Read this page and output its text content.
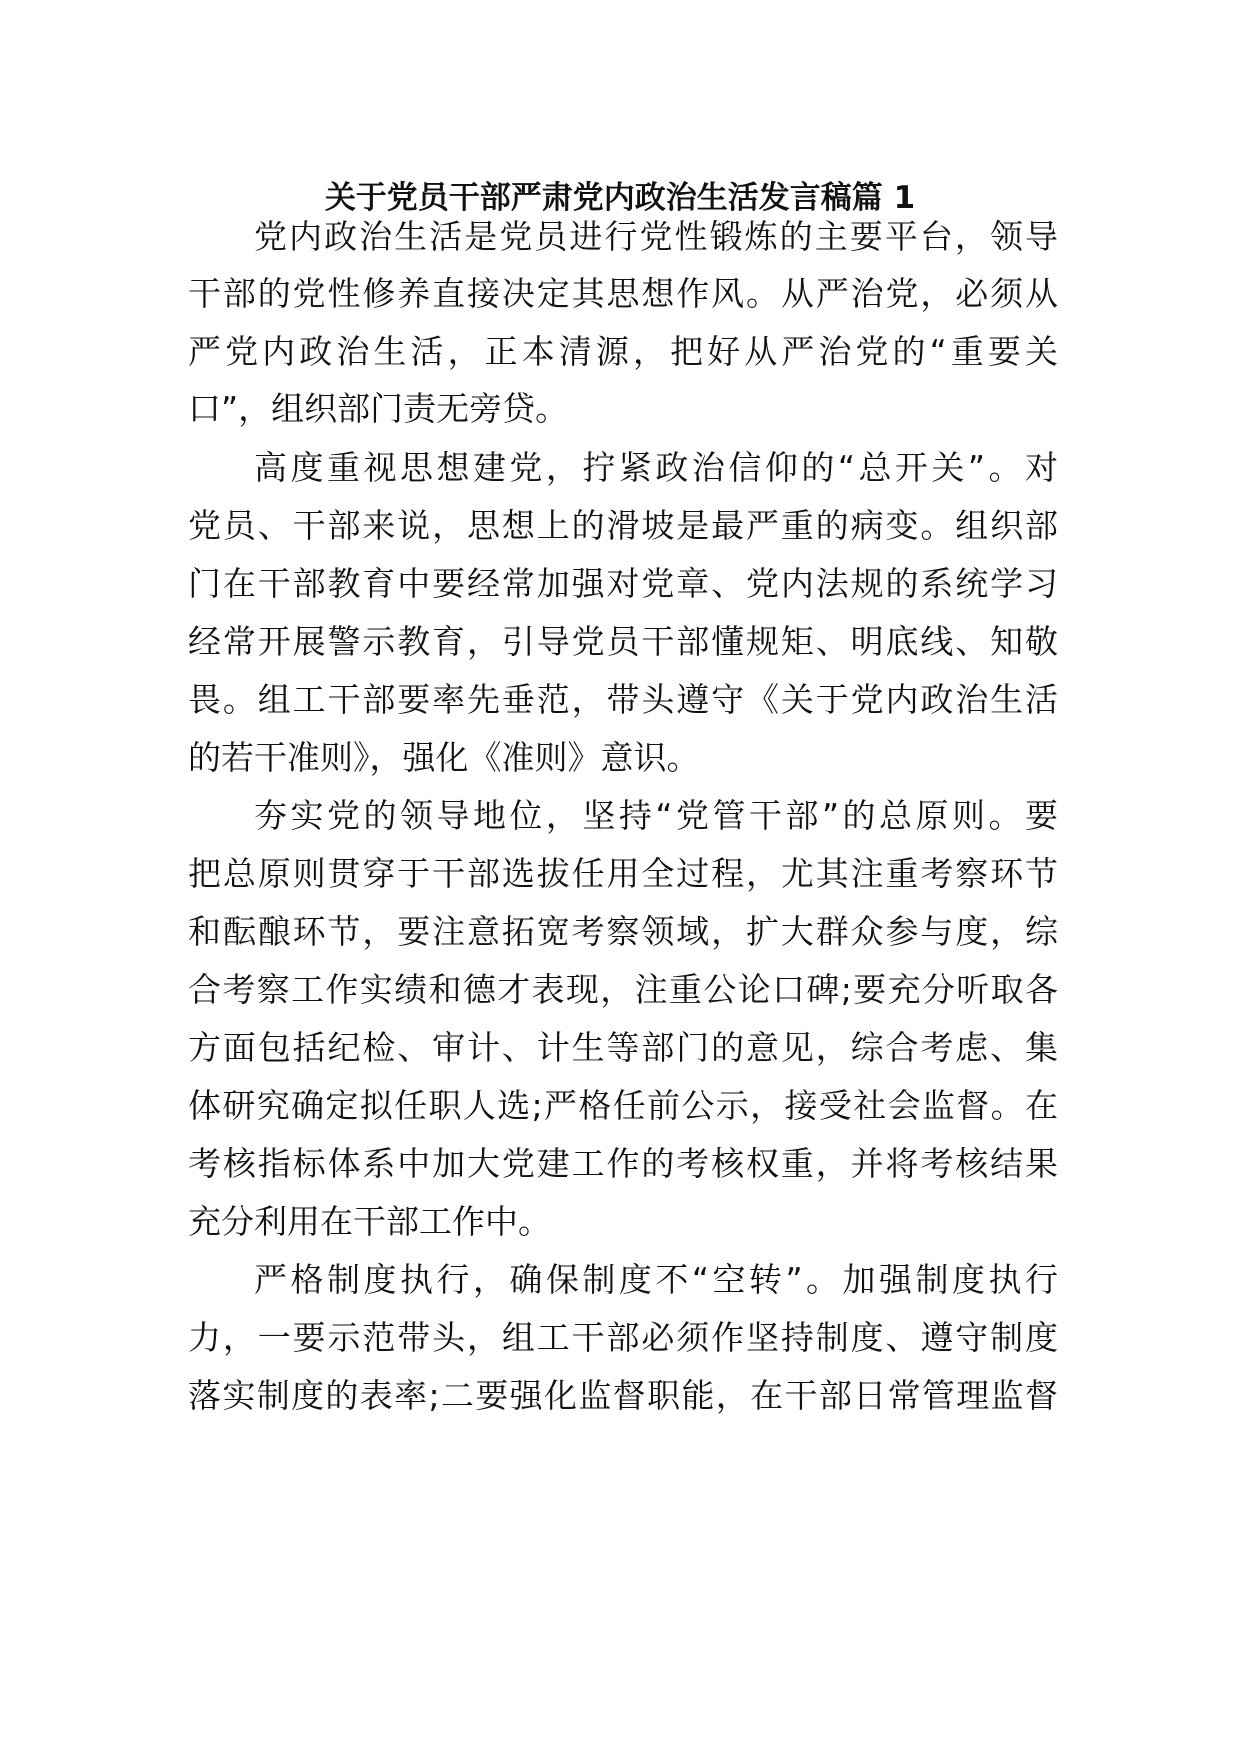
关于党员干部严肃党内政治生活发言稿篇 1

党内政治生活是党员进行党性锻炼的主要平台，领导

干部的党性修养直接决定其思想作风。从严治党，必须从

严党内政治生活，正本清源，把好从严治党的“重要关

口”，组织部门责无旁贷。

高度重视思想建党，拧紧政治信仰的“总开关”。对

党员、干部来说，思想上的滑坡是最严重的病变。组织部

门在干部教育中要经常加强对党章、党内法规的系统学习

经常开展警示教育，引导党员干部懂规矩、明底线、知敬

畏。组工干部要率先垂范，带头遵守《关于党内政治生活

的若干准则》，强化《准则》意识。

夯实党的领导地位，坚持“党管干部”的总原则。要

把总原则贯穿于干部选拔任用全过程，尤其注重考察环节

和酝酿环节，要注意拓宽考察领域，扩大群众参与度，综

合考察工作实绩和德才表现，注重公论口碑;要充分听取各

方面包括纪检、审计、计生等部门的意见，综合考虑、集

体研究确定拟任职人选;严格任前公示，接受社会监督。在

考核指标体系中加大党建工作的考核权重，并将考核结果

充分利用在干部工作中。

严格制度执行，确保制度不“空转”。加强制度执行

力，一要示范带头，组工干部必须作坚持制度、遵守制度

落实制度的表率;二要强化监督职能，在干部日常管理监督
